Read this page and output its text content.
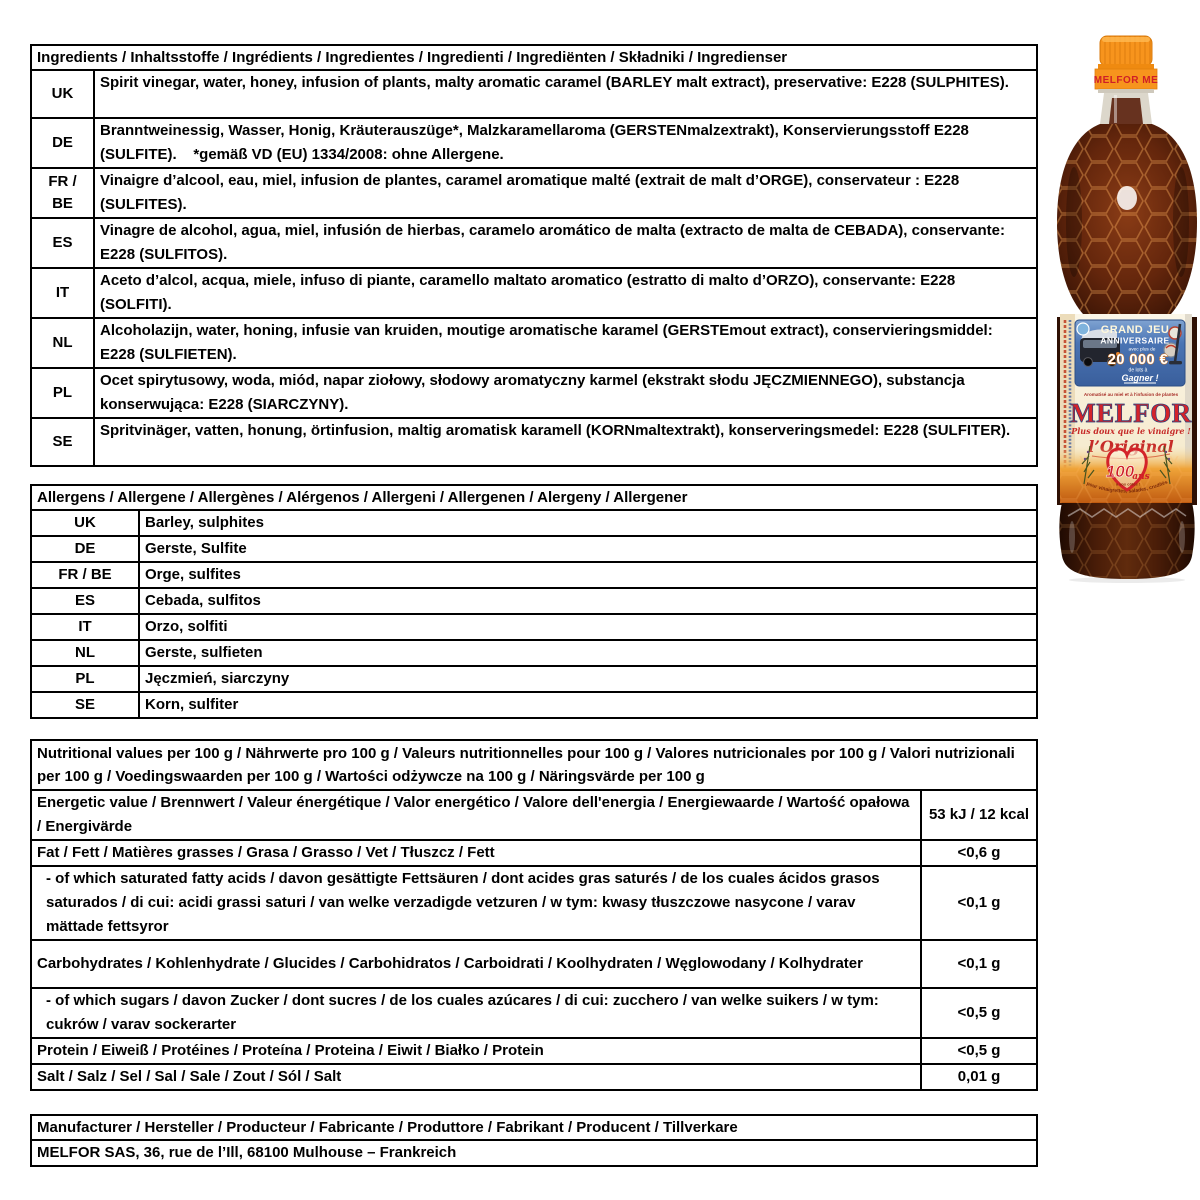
Ingredients / Inhaltsstoffe / Ingrédients / Ingredientes / Ingredienti / Ingrediënten / Składniki / Ingredienser	
UK	Spirit vinegar, water, honey, infusion of plants, malty aromatic caramel (BARLEY malt extract), preservative: E228 (SULPHITES).
DE	Branntweinessig, Wasser, Honig, Kräuterauszüge*, Malzkaramellaroma (GERSTENmalzextrakt), Konservierungsstoff E228 (SULFITE).    *gemäß VD (EU) 1334/2008: ohne Allergene.
FR / BE	Vinaigre d’alcool, eau, miel, infusion de plantes, caramel aromatique malté (extrait de malt d’ORGE), conservateur : E228 (SULFITES).
ES	Vinagre de alcohol, agua, miel, infusión de hierbas, caramelo aromático de malta (extracto de malta de CEBADA), conservante: E228 (SULFITOS).
IT	Aceto d’alcol, acqua, miele, infuso di piante, caramello maltato aromatico (estratto di malto d’ORZO), conservante: E228 (SOLFITI).
NL	Alcoholazijn, water, honing, infusie van kruiden, moutige aromatische karamel (GERSTEmout extract), conservieringsmiddel: E228 (SULFIETEN).
PL	Ocet spirytusowy, woda, miód, napar ziołowy, słodowy aromatyczny karmel (ekstrakt słodu JĘCZMIENNEGO), substancja konserwująca: E228 (SIARCZYNY).
SE	Spritvinäger, vatten, honung, örtinfusion, maltig aromatisk karamell (KORNmaltextrakt), konserveringsmedel: E228 (SULFITER).
Allergens / Allergene / Allergènes / Alérgenos / Allergeni / Allergenen / Alergeny / Allergener	
UK	Barley, sulphites
DE	Gerste, Sulfite
FR / BE	Orge, sulfites
ES	Cebada, sulfitos
IT	Orzo, solfiti
NL	Gerste, sulfieten
PL	Jęczmień, siarczyny
SE	Korn, sulfiter
Nutritional values per 100 g / Nährwerte pro 100 g / Valeurs nutritionnelles pour 100 g / Valores nutricionales por 100 g / Valori nutrizionali per 100 g / Voedingswaarden per 100 g / Wartości odżywcze na 100 g / Näringsvärde per 100 g	
Energetic value / Brennwert / Valeur énergétique / Valor energético / Valore dell'energia / Energiewaarde / Wartość opałowa / Energivärde	53 kJ / 12 kcal
Fat / Fett / Matières grasses / Grasa / Grasso / Vet / Tłuszcz / Fett	<0,6 g
- of which saturated fatty acids / davon gesättigte Fettsäuren / dont acides gras saturés / de los cuales ácidos grasos saturados / di cui: acidi grassi saturi / van welke verzadigde vetzuren / w tym: kwasy tłuszczowe nasycone / varav mättade fettsyror	<0,1 g
Carbohydrates / Kohlenhydrate / Glucides / Carbohidratos / Carboidrati / Koolhydraten / Węglowodany / Kolhydrater	<0,1 g
- of which sugars / davon Zucker / dont sucres / de los cuales azúcares / di cui: zucchero / van welke suikers / w tym: cukrów / varav sockerarter	<0,5 g
Protein / Eiweiß / Protéines / Proteína / Proteina / Eiwit / Białko / Protein	<0,5 g
Salt / Salz / Sel / Sal / Sale / Zout / Sól / Salt	0,01 g
Manufacturer / Hersteller / Producteur / Fabricante / Produttore / Fabrikant / Producent / Tillverkare
MELFOR SAS, 36, rue de l’Ill, 68100 Mulhouse – Frankreich
MELFOR ME
GRAND JEU
ANNIVERSAIRE
avec plus de
20 000 €
de lots à
Gagner !
Aromatisé au miel et à l'infusion de plantes
MELFOR
Plus doux que le vinaigre !
100
ans
à vos côtés !
pour vinaigrettes, salades, crudités
